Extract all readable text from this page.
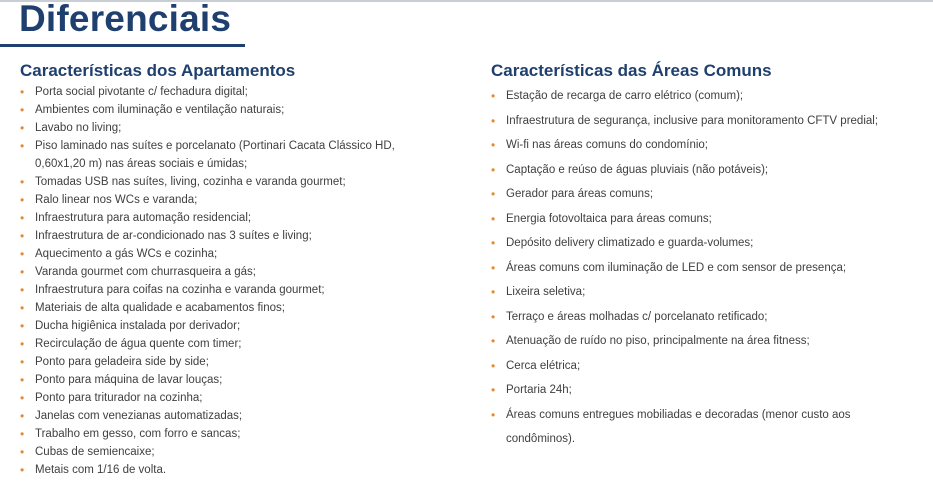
Diferenciais
Características dos Apartamentos
• Porta social pivotante c/ fechadura digital;
• Ambientes com iluminação e ventilação naturais;
• Lavabo no living;
• Piso laminado nas suítes e porcelanato (Portinari Cacata Clássico HD,
0,60x1,20 m) nas áreas sociais e úmidas;
• Tomadas USB nas suítes, living, cozinha e varanda gourmet;
• Ralo linear nos WCs e varanda;
• Infraestrutura para automação residencial;
• Infraestrutura de ar-condicionado nas 3 suítes e living;
• Aquecimento a gás WCs e cozinha;
• Varanda gourmet com churrasqueira a gás;
• Infraestrutura para coifas na cozinha e varanda gourmet;
• Materiais de alta qualidade e acabamentos finos;
• Ducha higiênica instalada por derivador;
• Recirculação de água quente com timer;
• Ponto para geladeira side by side;
• Ponto para máquina de lavar louças;
• Ponto para triturador na cozinha;
• Janelas com venezianas automatizadas;
• Trabalho em gesso, com forro e sancas;
• Cubas de semiencaixe;
• Metais com 1/16 de volta.
Características das Áreas Comuns
• Estação de recarga de carro elétrico (comum);
• Infraestrutura de segurança, inclusive para monitoramento CFTV predial;
• Wi-fi nas áreas comuns do condomínio;
• Captação e reúso de águas pluviais (não potáveis);
• Gerador para áreas comuns;
• Energia fotovoltaica para áreas comuns;
• Depósito delivery climatizado e guarda-volumes;
• Áreas comuns com iluminação de LED e com sensor de presença;
• Lixeira seletiva;
• Terraço e áreas molhadas c/ porcelanato retificado;
• Atenuação de ruído no piso, principalmente na área fitness;
• Cerca elétrica;
• Portaria 24h;
• Áreas comuns entregues mobiliadas e decoradas (menor custo aos
condôminos).
